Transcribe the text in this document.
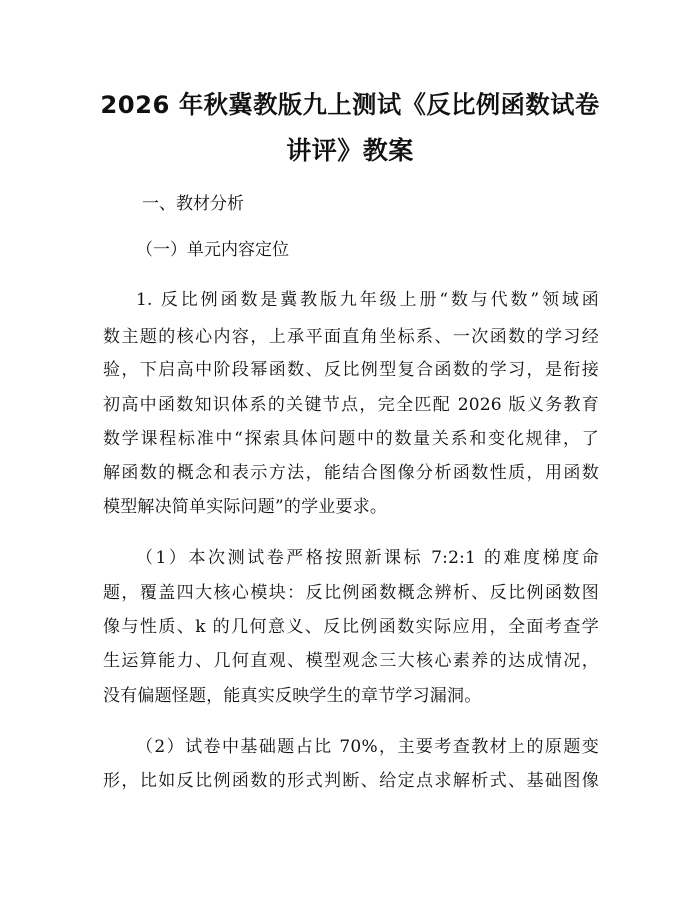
2026 年秋冀教版九上测试《反比例函数试卷
讲评》教案
一、教材分析
（一）单元内容定位
1. 反比例函数是冀教版九年级上册“数与代数”领域函
数主题的核心内容，上承平面直角坐标系、一次函数的学习经
验，下启高中阶段幂函数、反比例型复合函数的学习，是衔接
初高中函数知识体系的关键节点，完全匹配 2026 版义务教育
数学课程标准中“探索具体问题中的数量关系和变化规律，了
解函数的概念和表示方法，能结合图像分析函数性质，用函数
模型解决简单实际问题”的学业要求。
（1）本次测试卷严格按照新课标 7:2:1 的难度梯度命
题，覆盖四大核心模块：反比例函数概念辨析、反比例函数图
像与性质、k 的几何意义、反比例函数实际应用，全面考查学
生运算能力、几何直观、模型观念三大核心素养的达成情况，
没有偏题怪题，能真实反映学生的章节学习漏洞。
（2）试卷中基础题占比 70%，主要考查教材上的原题变
形，比如反比例函数的形式判断、给定点求解析式、基础图像
